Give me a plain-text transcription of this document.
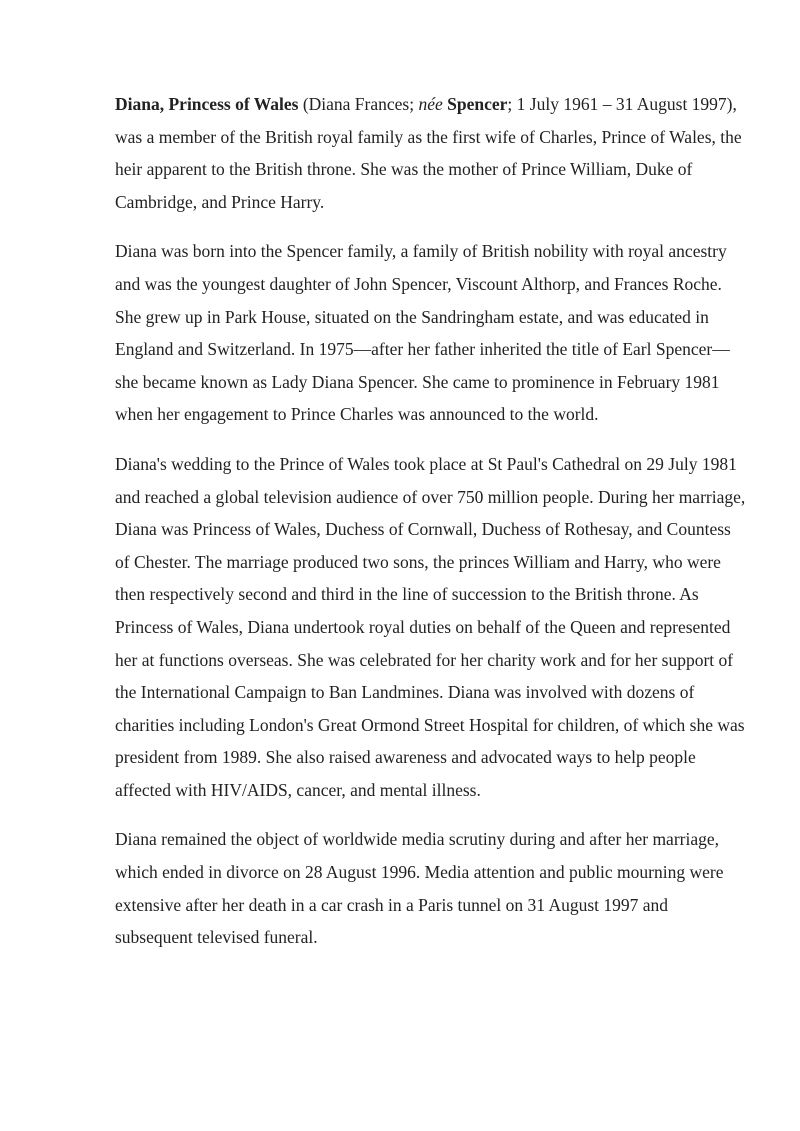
Diana, Princess of Wales (Diana Frances; née Spencer; 1 July 1961 – 31 August 1997), was a member of the British royal family as the first wife of Charles, Prince of Wales, the heir apparent to the British throne. She was the mother of Prince William, Duke of Cambridge, and Prince Harry.

Diana was born into the Spencer family, a family of British nobility with royal ancestry and was the youngest daughter of John Spencer, Viscount Althorp, and Frances Roche. She grew up in Park House, situated on the Sandringham estate, and was educated in England and Switzerland. In 1975—after her father inherited the title of Earl Spencer—she became known as Lady Diana Spencer. She came to prominence in February 1981 when her engagement to Prince Charles was announced to the world.

Diana's wedding to the Prince of Wales took place at St Paul's Cathedral on 29 July 1981 and reached a global television audience of over 750 million people. During her marriage, Diana was Princess of Wales, Duchess of Cornwall, Duchess of Rothesay, and Countess of Chester. The marriage produced two sons, the princes William and Harry, who were then respectively second and third in the line of succession to the British throne. As Princess of Wales, Diana undertook royal duties on behalf of the Queen and represented her at functions overseas. She was celebrated for her charity work and for her support of the International Campaign to Ban Landmines. Diana was involved with dozens of charities including London's Great Ormond Street Hospital for children, of which she was president from 1989. She also raised awareness and advocated ways to help people affected with HIV/AIDS, cancer, and mental illness.

Diana remained the object of worldwide media scrutiny during and after her marriage, which ended in divorce on 28 August 1996. Media attention and public mourning were extensive after her death in a car crash in a Paris tunnel on 31 August 1997 and subsequent televised funeral.
